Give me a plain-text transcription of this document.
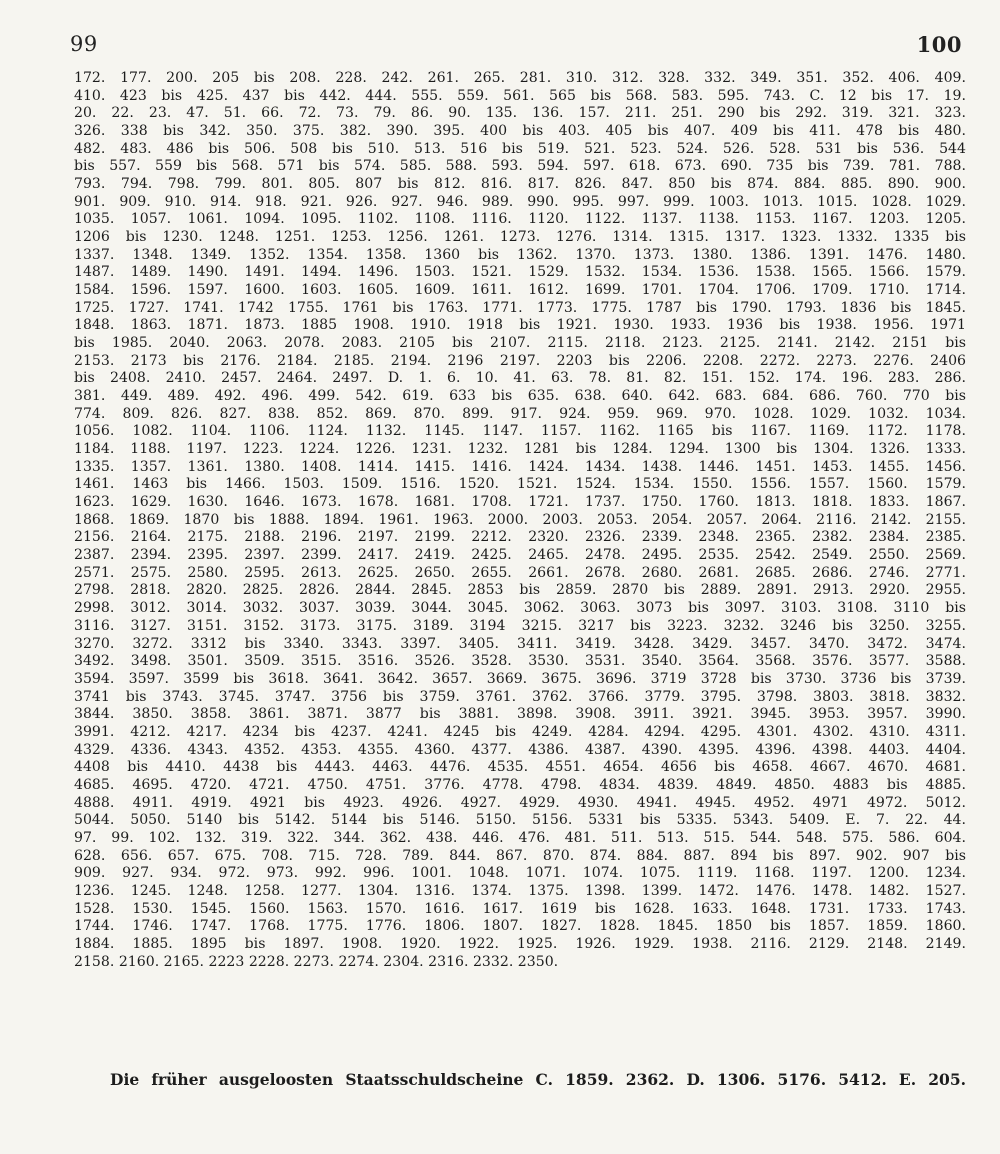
99	100
172. 177. 200. 205 bis 208. 228. 242. 261. 265. 281. 310. 312. 328. 332. 349. 351. 352. 406. 409.
410. 423 bis 425. 437 bis 442. 444. 555. 559. 561. 565 bis 568. 583. 595. 743. C. 12 bis 17. 19.
20. 22. 23. 47. 51. 66. 72. 73. 79. 86. 90. 135. 136. 157. 211. 251. 290 bis 292. 319. 321. 323.
326. 338 bis 342. 350. 375. 382. 390. 395. 400 bis 403. 405 bis 407. 409 bis 411. 478 bis 480.
482. 483. 486 bis 506. 508 bis 510. 513. 516 bis 519. 521. 523. 524. 526. 528. 531 bis 536. 544
bis 557. 559 bis 568. 571 bis 574. 585. 588. 593. 594. 597. 618. 673. 690. 735 bis 739. 781. 788.
793. 794. 798. 799. 801. 805. 807 bis 812. 816. 817. 826. 847. 850 bis 874. 884. 885. 890. 900.
901. 909. 910. 914. 918. 921. 926. 927. 946. 989. 990. 995. 997. 999. 1003. 1013. 1015. 1028. 1029.
1035. 1057. 1061. 1094. 1095. 1102. 1108. 1116. 1120. 1122. 1137. 1138. 1153. 1167. 1203. 1205.
1206 bis 1230. 1248. 1251. 1253. 1256. 1261. 1273. 1276. 1314. 1315. 1317. 1323. 1332. 1335 bis
1337. 1348. 1349. 1352. 1354. 1358. 1360 bis 1362. 1370. 1373. 1380. 1386. 1391. 1476. 1480.
1487. 1489. 1490. 1491. 1494. 1496. 1503. 1521. 1529. 1532. 1534. 1536. 1538. 1565. 1566. 1579.
1584. 1596. 1597. 1600. 1603. 1605. 1609. 1611. 1612. 1699. 1701. 1704. 1706. 1709. 1710. 1714.
1725. 1727. 1741. 1742 1755. 1761 bis 1763. 1771. 1773. 1775. 1787 bis 1790. 1793. 1836 bis 1845.
1848. 1863. 1871. 1873. 1885 1908. 1910. 1918 bis 1921. 1930. 1933. 1936 bis 1938. 1956. 1971
bis 1985. 2040. 2063. 2078. 2083. 2105 bis 2107. 2115. 2118. 2123. 2125. 2141. 2142. 2151 bis
2153. 2173 bis 2176. 2184. 2185. 2194. 2196 2197. 2203 bis 2206. 2208. 2272. 2273. 2276. 2406
bis 2408. 2410. 2457. 2464. 2497. D. 1. 6. 10. 41. 63. 78. 81. 82. 151. 152. 174. 196. 283. 286.
381. 449. 489. 492. 496. 499. 542. 619. 633 bis 635. 638. 640. 642. 683. 684. 686. 760. 770 bis
774. 809. 826. 827. 838. 852. 869. 870. 899. 917. 924. 959. 969. 970. 1028. 1029. 1032. 1034.
1056. 1082. 1104. 1106. 1124. 1132. 1145. 1147. 1157. 1162. 1165 bis 1167. 1169. 1172. 1178.
1184. 1188. 1197. 1223. 1224. 1226. 1231. 1232. 1281 bis 1284. 1294. 1300 bis 1304. 1326. 1333.
1335. 1357. 1361. 1380. 1408. 1414. 1415. 1416. 1424. 1434. 1438. 1446. 1451. 1453. 1455. 1456.
1461. 1463 bis 1466. 1503. 1509. 1516. 1520. 1521. 1524. 1534. 1550. 1556. 1557. 1560. 1579.
1623. 1629. 1630. 1646. 1673. 1678. 1681. 1708. 1721. 1737. 1750. 1760. 1813. 1818. 1833. 1867.
1868. 1869. 1870 bis 1888. 1894. 1961. 1963. 2000. 2003. 2053. 2054. 2057. 2064. 2116. 2142. 2155.
2156. 2164. 2175. 2188. 2196. 2197. 2199. 2212. 2320. 2326. 2339. 2348. 2365. 2382. 2384. 2385.
2387. 2394. 2395. 2397. 2399. 2417. 2419. 2425. 2465. 2478. 2495. 2535. 2542. 2549. 2550. 2569.
2571. 2575. 2580. 2595. 2613. 2625. 2650. 2655. 2661. 2678. 2680. 2681. 2685. 2686. 2746. 2771.
2798. 2818. 2820. 2825. 2826. 2844. 2845. 2853 bis 2859. 2870 bis 2889. 2891. 2913. 2920. 2955.
2998. 3012. 3014. 3032. 3037. 3039. 3044. 3045. 3062. 3063. 3073 bis 3097. 3103. 3108. 3110 bis
3116. 3127. 3151. 3152. 3173. 3175. 3189. 3194 3215. 3217 bis 3223. 3232. 3246 bis 3250. 3255.
3270. 3272. 3312 bis 3340. 3343. 3397. 3405. 3411. 3419. 3428. 3429. 3457. 3470. 3472. 3474.
3492. 3498. 3501. 3509. 3515. 3516. 3526. 3528. 3530. 3531. 3540. 3564. 3568. 3576. 3577. 3588.
3594. 3597. 3599 bis 3618. 3641. 3642. 3657. 3669. 3675. 3696. 3719 3728 bis 3730. 3736 bis 3739.
3741 bis 3743. 3745. 3747. 3756 bis 3759. 3761. 3762. 3766. 3779. 3795. 3798. 3803. 3818. 3832.
3844. 3850. 3858. 3861. 3871. 3877 bis 3881. 3898. 3908. 3911. 3921. 3945. 3953. 3957. 3990.
3991. 4212. 4217. 4234 bis 4237. 4241. 4245 bis 4249. 4284. 4294. 4295. 4301. 4302. 4310. 4311.
4329. 4336. 4343. 4352. 4353. 4355. 4360. 4377. 4386. 4387. 4390. 4395. 4396. 4398. 4403. 4404.
4408 bis 4410. 4438 bis 4443. 4463. 4476. 4535. 4551. 4654. 4656 bis 4658. 4667. 4670. 4681.
4685. 4695. 4720. 4721. 4750. 4751. 3776. 4778. 4798. 4834. 4839. 4849. 4850. 4883 bis 4885.
4888. 4911. 4919. 4921 bis 4923. 4926. 4927. 4929. 4930. 4941. 4945. 4952. 4971 4972. 5012.
5044. 5050. 5140 bis 5142. 5144 bis 5146. 5150. 5156. 5331 bis 5335. 5343. 5409. E. 7. 22. 44.
97. 99. 102. 132. 319. 322. 344. 362. 438. 446. 476. 481. 511. 513. 515. 544. 548. 575. 586. 604.
628. 656. 657. 675. 708. 715. 728. 789. 844. 867. 870. 874. 884. 887. 894 bis 897. 902. 907 bis
909. 927. 934. 972. 973. 992. 996. 1001. 1048. 1071. 1074. 1075. 1119. 1168. 1197. 1200. 1234.
1236. 1245. 1248. 1258. 1277. 1304. 1316. 1374. 1375. 1398. 1399. 1472. 1476. 1478. 1482. 1527.
1528. 1530. 1545. 1560. 1563. 1570. 1616. 1617. 1619 bis 1628. 1633. 1648. 1731. 1733. 1743.
1744. 1746. 1747. 1768. 1775. 1776. 1806. 1807. 1827. 1828. 1845. 1850 bis 1857. 1859. 1860.
1884. 1885. 1895 bis 1897. 1908. 1920. 1922. 1925. 1926. 1929. 1938. 2116. 2129. 2148. 2149.
2158. 2160. 2165. 2223 2228. 2273. 2274. 2304. 2316. 2332. 2350.
Die früher ausgeloosten Staatsschuldscheine C. 1859. 2362. D. 1306. 5176. 5412. E. 205.
